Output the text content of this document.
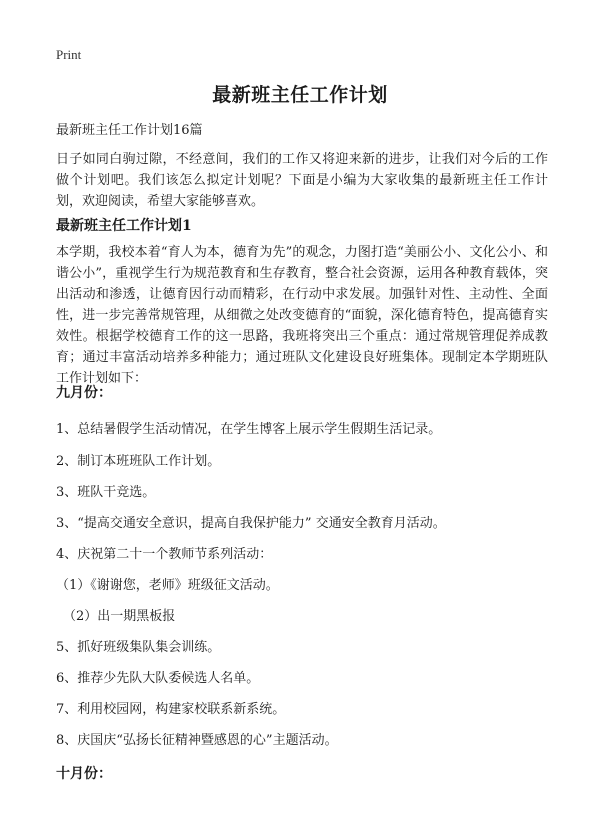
Print
最新班主任工作计划
最新班主任工作计划16篇
日子如同白驹过隙，不经意间，我们的工作又将迎来新的进步，让我们对今后的工作做个计划吧。我们该怎么拟定计划呢？下面是小编为大家收集的最新班主任工作计划，欢迎阅读，希望大家能够喜欢。
最新班主任工作计划1
本学期，我校本着“育人为本，德育为先”的观念，力图打造“美丽公小、文化公小、和谐公小”，重视学生行为规范教育和生存教育，整合社会资源，运用各种教育载体，突出活动和渗透，让德育因行动而精彩，在行动中求发展。加强针对性、主动性、全面性，进一步完善常规管理，从细微之处改变德育的“面貌，深化德育特色，提高德育实效性。根据学校德育工作的这一思路，我班将突出三个重点：通过常规管理促养成教育；通过丰富活动培养多种能力；通过班队文化建设良好班集体。现制定本学期班队工作计划如下：
九月份：
1、总结暑假学生活动情况，在学生博客上展示学生假期生活记录。
2、制订本班班队工作计划。
3、班队干竞选。
3、“提高交通安全意识，提高自我保护能力” 交通安全教育月活动。
4、庆祝第二十一个教师节系列活动：
（1）《谢谢您，老师》班级征文活动。
（2）出一期黑板报
5、抓好班级集队集会训练。
6、推荐少先队大队委候选人名单。
7、利用校园网，构建家校联系新系统。
8、庆国庆“弘扬长征精神暨感恩的心”主题活动。
十月份：
